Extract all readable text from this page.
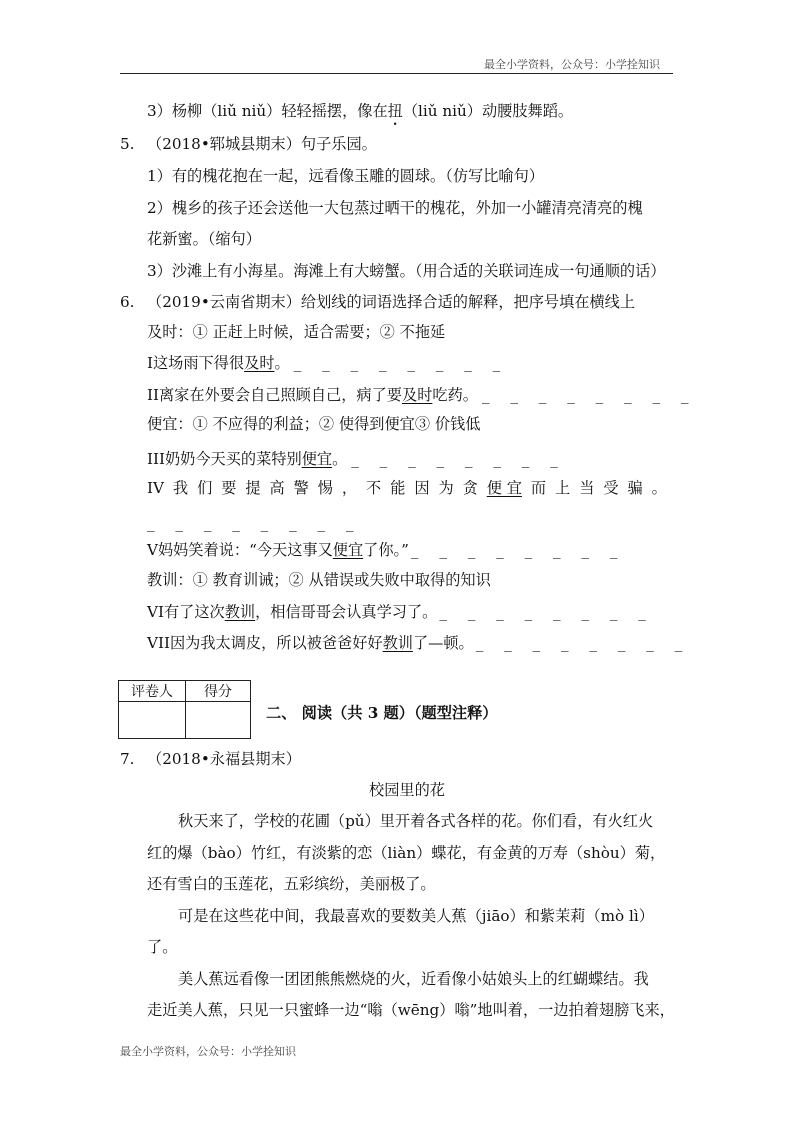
最全小学资料，公众号：小学拴知识
3）杨柳（liǔ niǔ）轻轻摇摆，像在扭（liǔ niǔ）动腰肢舞蹈。
5. （2018•郓城县期末）句子乐园。
1）有的槐花抱在一起，远看像玉雕的圆球。（仿写比喻句）
2）槐乡的孩子还会送他一大包蒸过晒干的槐花，外加一小罐清亮清亮的槐
花新蜜。（缩句）
3）沙滩上有小海星。海滩上有大螃蟹。（用合适的关联词连成一句通顺的话）
6. （2019•云南省期末）给划线的词语选择合适的解释，把序号填在横线上
及时：① 正赶上时候，适合需要；② 不拖延
I这场雨下得很及时。 _ _ _ _ _ _ _ _
II离家在外要会自己照顾自己，病了要及时吃药。 _ _ _ _ _ _ _ _
便宜：① 不应得的利益；② 使得到便宜③ 价钱低
III奶奶今天买的菜特别便宜。 _ _ _ _ _ _ _ _
IV 我 们 要 提 高 警 惕 ， 不 能 因 为 贪 便 宜 而 上 当 受 骗 。
_ _ _ _ _ _ _ _
V妈妈笑着说：“今天这事又便宜了你。” _ _ _ _ _ _ _ _
教训：① 教育训诫；② 从错误或失败中取得的知识
VI有了这次教训，相信哥哥会认真学习了。 _ _ _ _ _ _ _ _
VII因为我太调皮，所以被爸爸好好教训了—顿。 _ _ _ _ _ _ _ _
评卷人	得分

二、 阅读（共 3 题）（题型注释）
7. （2018•永福县期末）
校园里的花
秋天来了，学校的花圃（pǔ）里开着各式各样的花。你们看，有火红火
红的爆（bào）竹红，有淡紫的恋（liàn）蝶花，有金黄的万寿（shòu）菊，
还有雪白的玉莲花，五彩缤纷，美丽极了。
可是在这些花中间，我最喜欢的要数美人蕉（jiāo）和紫茉莉（mò lì）
了。
美人蕉远看像一团团熊熊燃烧的火，近看像小姑娘头上的红蝴蝶结。我
走近美人蕉，只见一只蜜蜂一边“嗡（wēng）嗡”地叫着，一边拍着翅膀飞来，
最全小学资料，公众号：小学拴知识
